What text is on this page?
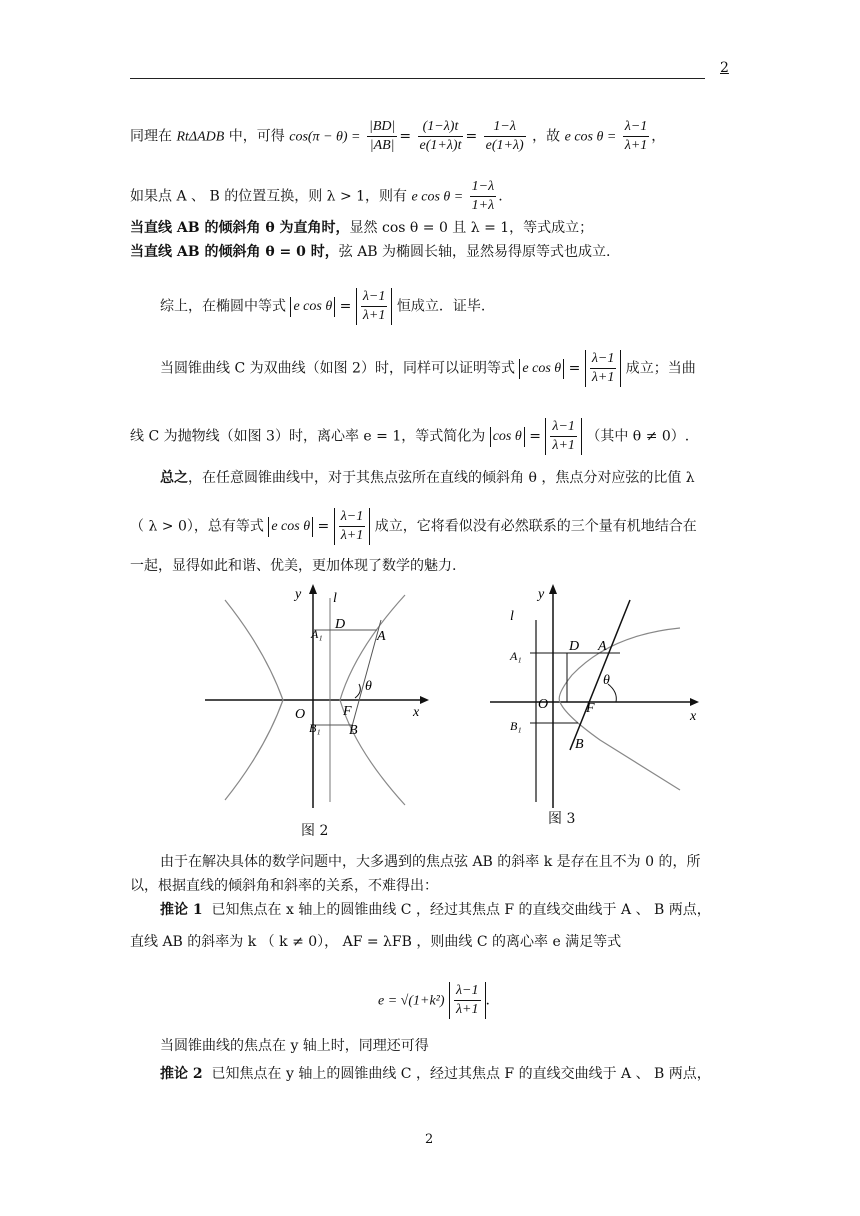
2
同理在 RtΔADB 中，可得 $\cos(\pi - \theta) = \frac{|BD|}{|AB|} = \frac{(1-\lambda)t}{e(1+\lambda)t} = \frac{1-\lambda}{e(1+\lambda)}$ ，故 e $\cos \theta = \frac{\lambda-1}{\lambda+1}$ ，
如果点 A 、 B 的位置互换，则 λ > 1，则有 e $\cos \theta = \frac{1-\lambda}{1+\lambda}$ .
当直线 AB 的倾斜角 θ 为直角时，显然 cos θ = 0 且 λ = 1，等式成立；
当直线 AB 的倾斜角 θ = 0 时，弦 AB 为椭圆长轴，显然易得原等式也成立.
综上，在椭圆中等式 e $\cos \theta = \frac{\lambda-1}{\lambda+1}$ 恒成立．证毕.
当圆锥曲线 C 为双曲线（如图 2）时，同样可以证明等式 e $\cos \theta = \frac{\lambda-1}{\lambda+1}$ 成立；当曲
线 C 为抛物线（如图 3）时，离心率 e = 1，等式简化为 $\cos \theta = \frac{\lambda-1}{\lambda+1}$ （其中 θ ≠ 0）.
总之，在任意圆锥曲线中，对于其焦点弦所在直线的倾斜角 θ ，焦点分对应弦的比值 λ
（ λ > 0），总有等式 e $\cos \theta = \frac{\lambda-1}{\lambda+1}$ 成立，它将看似没有必然联系的三个量有机地结合在
一起，显得如此和谐、优美，更加体现了数学的魅力.
y l
x
O	F
A₁
D
A
B₁ B
θ
图 2
y
l
x
O	F
A₁
D A
B₁
B
θ
图 3
由于在解决具体的数学问题中，大多遇到的焦点弦 AB 的斜率 k 是存在且不为 0 的，所
以，根据直线的倾斜角和斜率的关系，不难得出：
推论 1 已知焦点在 x 轴上的圆锥曲线 C ，经过其焦点 F 的直线交曲线于 A 、 B 两点，
直线 AB 的斜率为 k （ k ≠ 0）， AF = λFB ，则曲线 C 的离心率 e 满足等式
$e = √(1+k^2) \frac{\lambda-1}{\lambda+1}$ .
当圆锥曲线的焦点在 y 轴上时，同理还可得
推论 2 已知焦点在 y 轴上的圆锥曲线 C ，经过其焦点 F 的直线交曲线于 A 、 B 两点，
2
